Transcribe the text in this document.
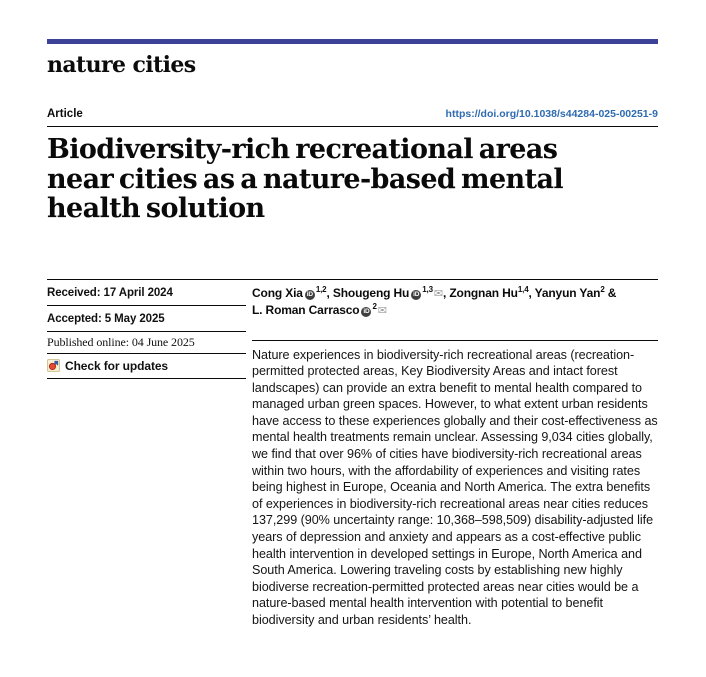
nature cities
Article	https://doi.org/10.1038/s44284-025-00251-9
Biodiversity-rich recreational areas
near cities as a nature-based mental
health solution
Received: 17 April 2024
Accepted: 5 May 2025
Published online: 04 June 2025
Check for updates
Cong Xia iD$^{1,2}$, Shougeng Hu iD$^{1,3}$✉, Zongnan Hu$^{1,4}$, Yanyun Yan$^2$ &
L. Roman Carrasco $iD^2✉$
Nature experiences in biodiversity-rich recreational areas (recreation-permitted protected areas, Key Biodiversity Areas and intact forest landscapes) can provide an extra benefit to mental health compared to managed urban green spaces. However, to what extent urban residents have access to these experiences globally and their cost-effectiveness as mental health treatments remain unclear. Assessing 9,034 cities globally, we find that over 96% of cities have biodiversity-rich recreational areas within two hours, with the affordability of experiences and visiting rates being highest in Europe, Oceania and North America. The extra benefits of experiences in biodiversity-rich recreational areas near cities reduces 137,299 (90% uncertainty range: 10,368–598,509) disability-adjusted life years of depression and anxiety and appears as a cost-effective public health intervention in developed settings in Europe, North America and South America. Lowering traveling costs by establishing new highly biodiverse recreation-permitted protected areas near cities would be a nature-based mental health intervention with potential to benefit biodiversity and urban residents’ health.
